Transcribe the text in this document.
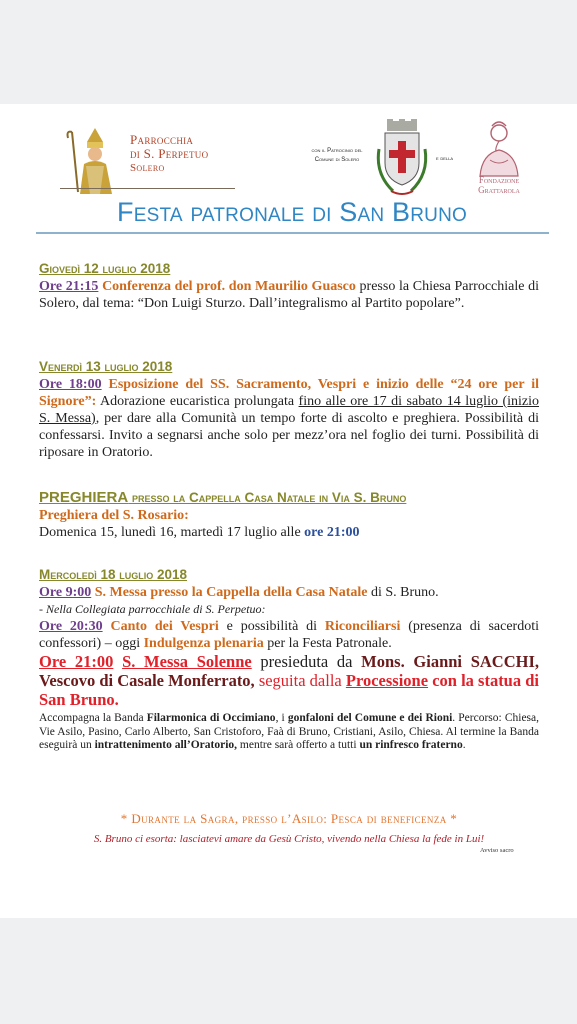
Parrocchia
di S. Perpetuo
Solero
con il Patrocinio del
Comune di Solero	e della
Fondazione
Grattarola
Festa patronale di San Bruno
Giovedì 12 luglio 2018

Ore 21:15 Conferenza del prof. don Maurilio Guasco presso la Chiesa Parrocchiale di Solero, dal tema: “Don Luigi Sturzo. Dall’integralismo al Partito popolare”.

Venerdì 13 luglio 2018

Ore 18:00 Esposizione del SS. Sacramento, Vespri e inizio delle “24 ore per il Signore”: Adorazione eucaristica prolungata fino alle ore 17 di sabato 14 luglio (inizio S. Messa), per dare alla Comunità un tempo forte di ascolto e preghiera. Possibilità di confessarsi. Invito a segnarsi anche solo per mezz’ora nel foglio dei turni. Possibilità di riposare in Oratorio.

PREGHIERA presso la Cappella Casa Natale in Via S. Bruno
Preghiera del S. Rosario:

Domenica 15, lunedì 16, martedì 17 luglio alle ore 21:00

Mercoledì 18 luglio 2018

Ore 9:00 S. Messa presso la Cappella della Casa Natale di S. Bruno.

- Nella Collegiata parrocchiale di S. Perpetuo:

Ore 20:30 Canto dei Vespri e possibilità di Riconciliarsi (presenza di sacerdoti confessori) – oggi Indulgenza plenaria per la Festa Patronale.

Ore 21:00 S. Messa Solenne presieduta da Mons. Gianni SACCHI, Vescovo di Casale Monferrato, seguita dalla Processione con la statua di San Bruno.

Accompagna la Banda Filarmonica di Occimiano, i gonfaloni del Comune e dei Rioni. Percorso: Chiesa, Vie Asilo, Pasino, Carlo Alberto, San Cristoforo, Faà di Bruno, Cristiani, Asilo, Chiesa. Al termine la Banda eseguirà un intrattenimento all’Oratorio, mentre sarà offerto a tutti un rinfresco fraterno.

* Durante la Sagra, presso l’Asilo: Pesca di beneficenza *
S. Bruno ci esorta: lasciatevi amare da Gesù Cristo, vivendo nella Chiesa la fede in Lui!
Avviso sacro
